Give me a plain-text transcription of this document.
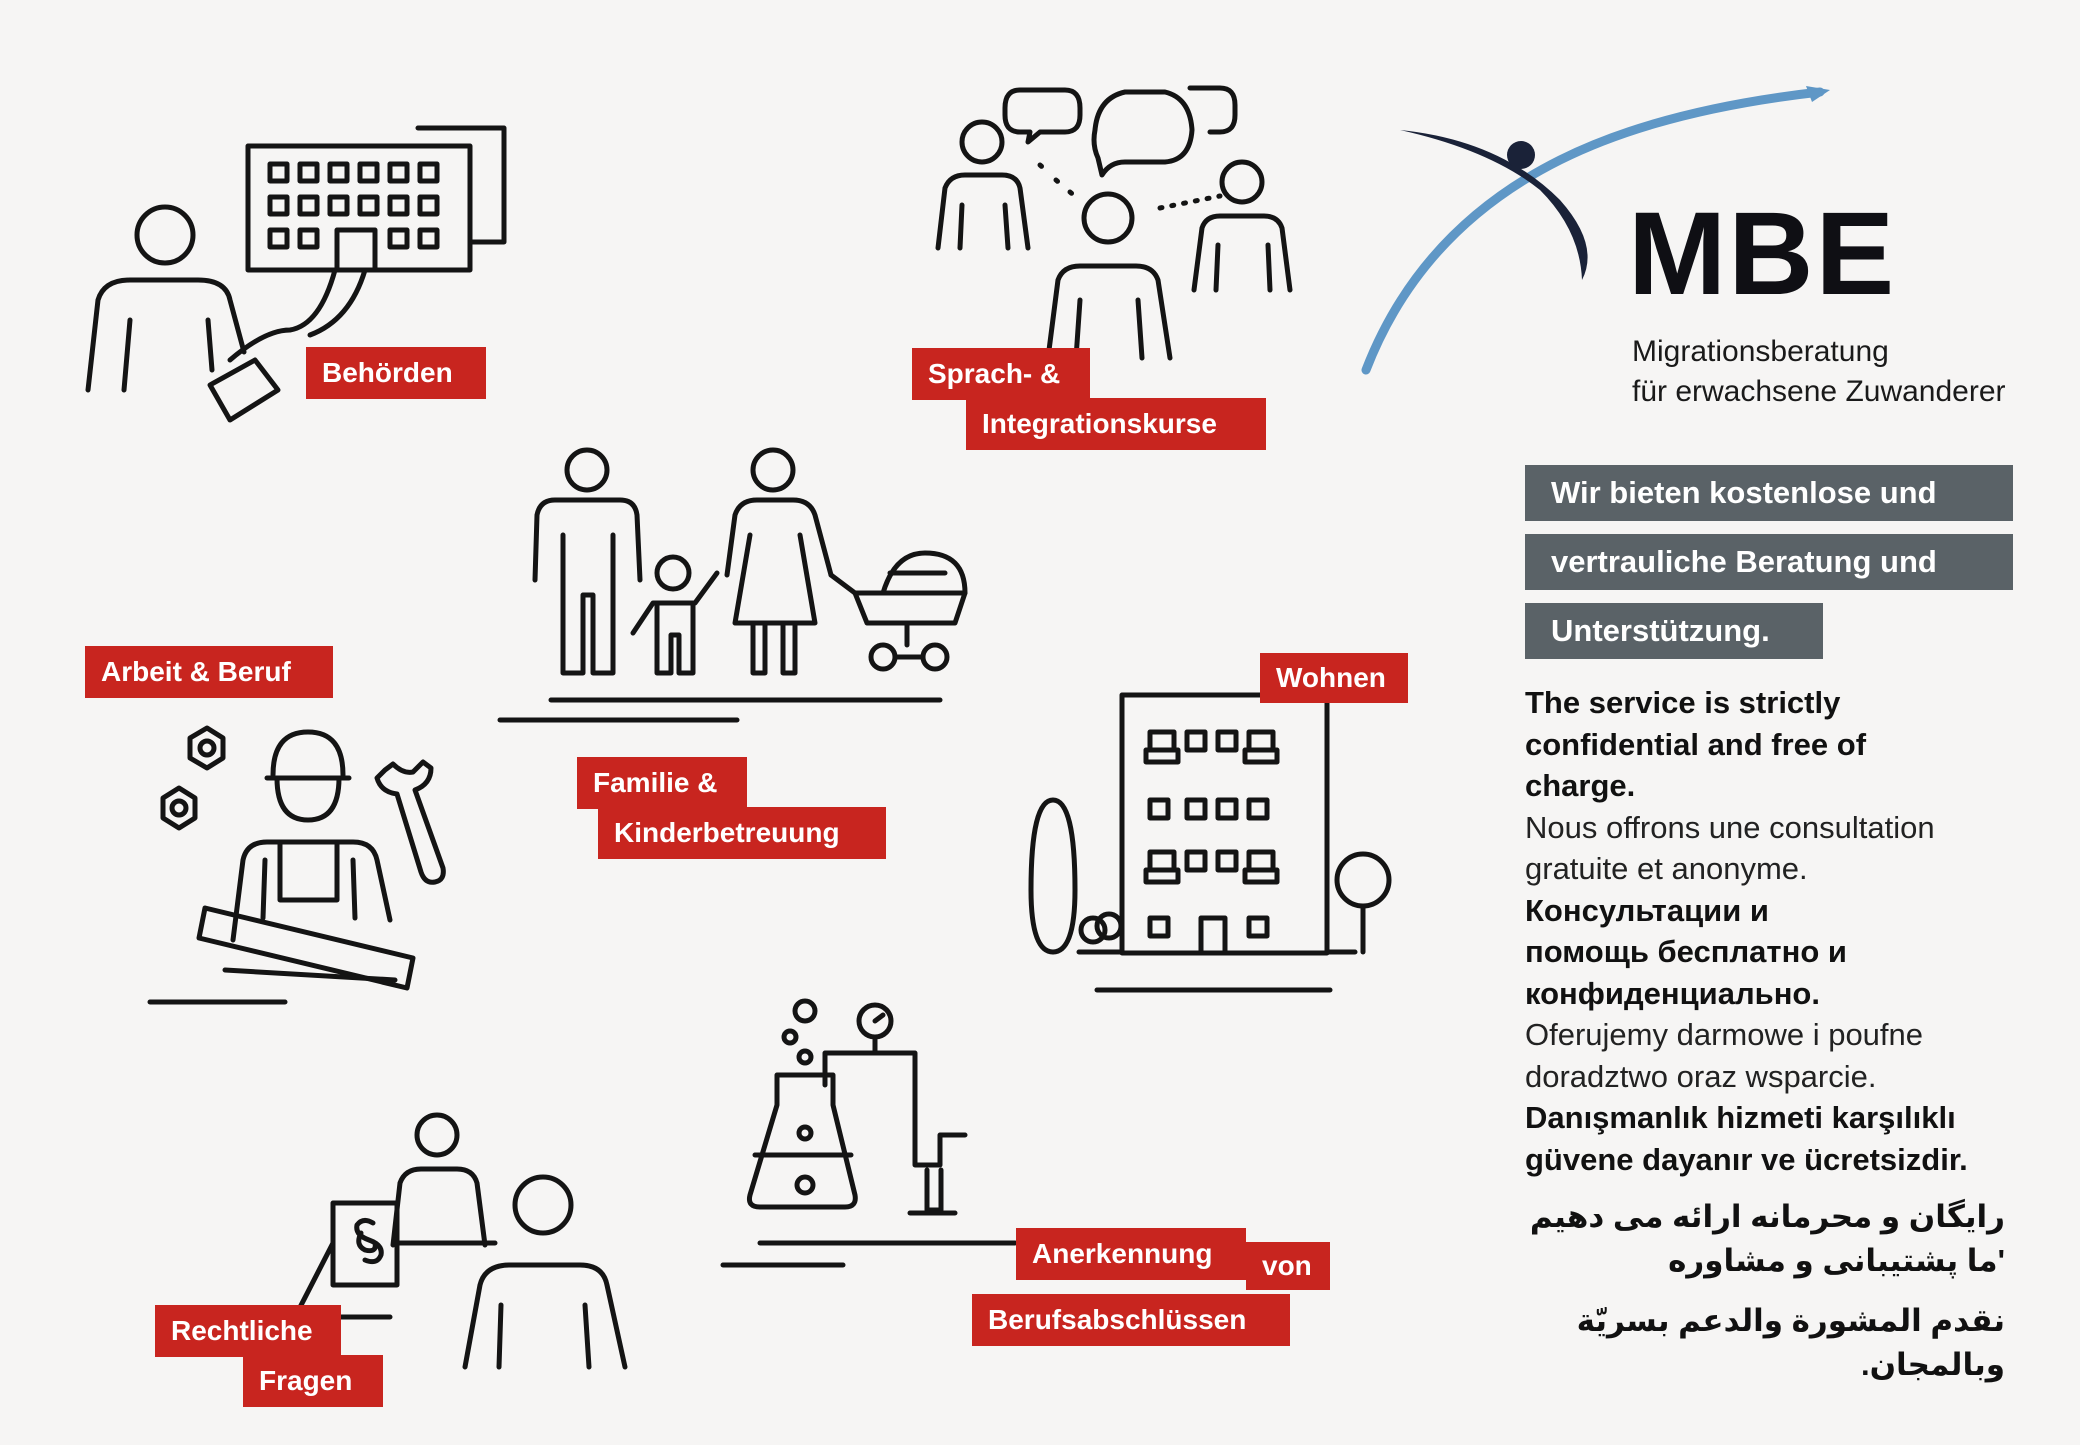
Behörden	Sprach- &
Integrationskurse
Arbeit & Beruf
Familie &
Kinderbetreuung
Wohnen
Rechtliche
Fragen
Anerkennung	von
Berufsabschlüssen
MBE
Migrationsberatung
für erwachsene Zuwanderer
Wir bieten kostenlose und
vertrauliche Beratung und
Unterstützung.
The service is strictly
confidential and free of
charge.
Nous offrons une consultation
gratuite et anonyme.
Консультации и
помощь бесплатно и
конфиденциально.
Oferujemy darmowe i poufne
doradztwo oraz wsparcie.
Danışmanlık hizmeti karşılıklı
güvene dayanır ve ücretsizdir.
رایگان و محرمانه ارائه می دهیم
'ما پشتیبانی و مشاوره
نقدم المشورة والدعم بسريّة
وبالمجان.
